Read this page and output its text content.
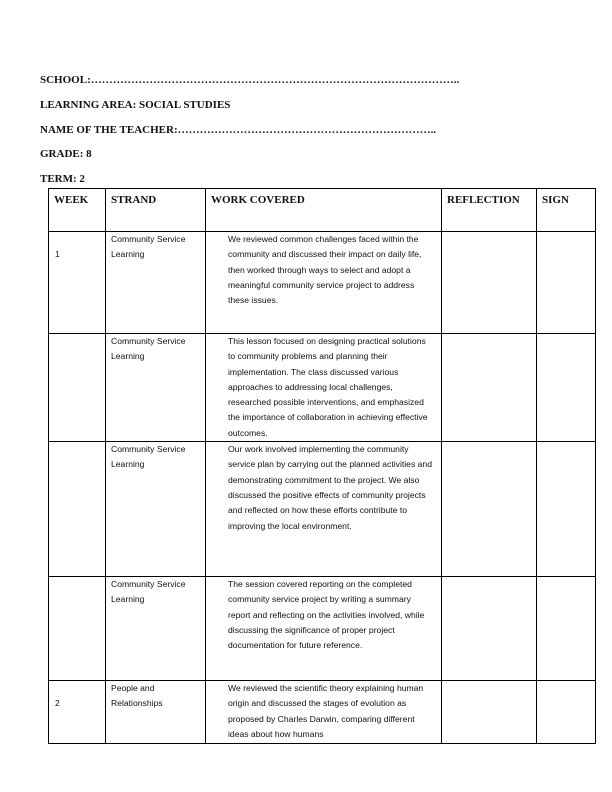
SCHOOL:………………………………………………………………………………………..
LEARNING AREA: SOCIAL STUDIES
NAME OF THE TEACHER:……………………………………………………………..
GRADE: 8
TERM: 2
WEEK	STRAND	WORK COVERED	REFLECTION	SIGN
1	Community Service Learning	We reviewed common challenges faced within the community and discussed their impact on daily life, then worked through ways to select and adopt a meaningful community service project to address these issues.		
	Community Service Learning	This lesson focused on designing practical solutions to community problems and planning their implementation. The class discussed various approaches to addressing local challenges, researched possible interventions, and emphasized the importance of collaboration in achieving effective outcomes.		
	Community Service Learning	Our work involved implementing the community service plan by carrying out the planned activities and demonstrating commitment to the project. We also discussed the positive effects of community projects and reflected on how these efforts contribute to improving the local environment.		
	Community Service Learning	The session covered reporting on the completed community service project by writing a summary report and reflecting on the activities involved, while discussing the significance of proper project documentation for future reference.		
2	People and Relationships	We reviewed the scientific theory explaining human origin and discussed the stages of evolution as proposed by Charles Darwin, comparing different ideas about how humans		
